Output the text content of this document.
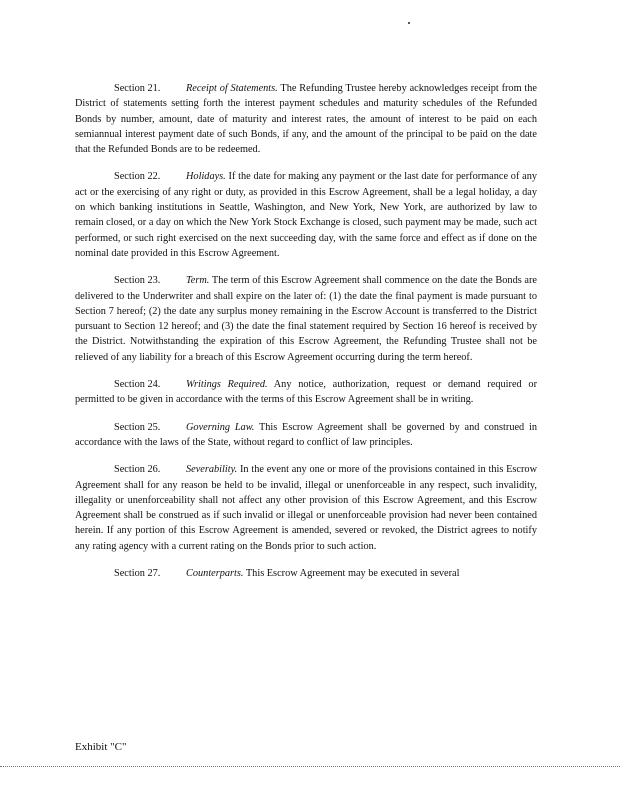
Section 21. Receipt of Statements. The Refunding Trustee hereby acknowledges receipt from the District of statements setting forth the interest payment schedules and maturity schedules of the Refunded Bonds by number, amount, date of maturity and interest rates, the amount of interest to be paid on each semiannual interest payment date of such Bonds, if any, and the amount of the principal to be paid on the date that the Refunded Bonds are to be redeemed.

Section 22. Holidays. If the date for making any payment or the last date for performance of any act or the exercising of any right or duty, as provided in this Escrow Agreement, shall be a legal holiday, a day on which banking institutions in Seattle, Washington, and New York, New York, are authorized by law to remain closed, or a day on which the New York Stock Exchange is closed, such payment may be made, such act performed, or such right exercised on the next succeeding day, with the same force and effect as if done on the nominal date provided in this Escrow Agreement.

Section 23. Term. The term of this Escrow Agreement shall commence on the date the Bonds are delivered to the Underwriter and shall expire on the later of: (1) the date the final payment is made pursuant to Section 7 hereof; (2) the date any surplus money remaining in the Escrow Account is transferred to the District pursuant to Section 12 hereof; and (3) the date the final statement required by Section 16 hereof is received by the District. Notwithstanding the expiration of this Escrow Agreement, the Refunding Trustee shall not be relieved of any liability for a breach of this Escrow Agreement occurring during the term hereof.

Section 24. Writings Required. Any notice, authorization, request or demand required or permitted to be given in accordance with the terms of this Escrow Agreement shall be in writing.

Section 25. Governing Law. This Escrow Agreement shall be governed by and construed in accordance with the laws of the State, without regard to conflict of law principles.

Section 26. Severability. In the event any one or more of the provisions contained in this Escrow Agreement shall for any reason be held to be invalid, illegal or unenforceable in any respect, such invalidity, illegality or unenforceability shall not affect any other provision of this Escrow Agreement, and this Escrow Agreement shall be construed as if such invalid or illegal or unenforceable provision had never been contained herein. If any portion of this Escrow Agreement is amended, severed or revoked, the District agrees to notify any rating agency with a current rating on the Bonds prior to such action.

Section 27. Counterparts. This Escrow Agreement may be executed in several

Exhibit "C"
